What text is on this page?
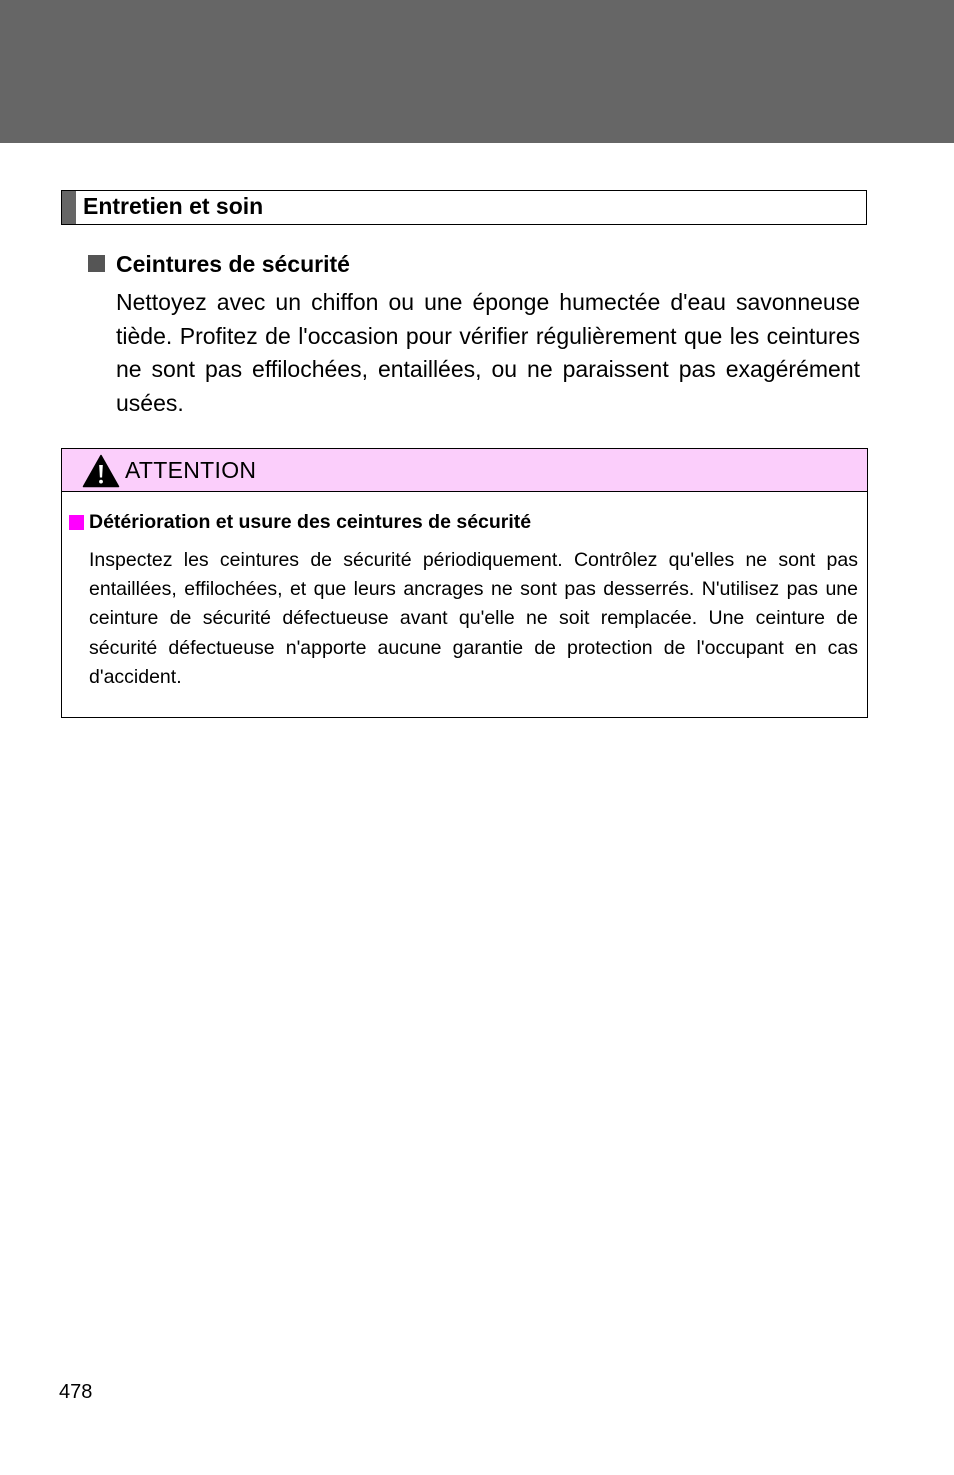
Entretien et soin
Ceintures de sécurité

Nettoyez avec un chiffon ou une éponge humectée d'eau savonneuse tiède. Profitez de l'occasion pour vérifier régulièrement que les ceintures ne sont pas effilochées, entaillées, ou ne paraissent pas exagérément usées.

ATTENTION
Détérioration et usure des ceintures de sécurité

Inspectez les ceintures de sécurité périodiquement. Contrôlez qu'elles ne sont pas entaillées, effilochées, et que leurs ancrages ne sont pas desserrés. N'utilisez pas une ceinture de sécurité défectueuse avant qu'elle ne soit remplacée. Une ceinture de sécurité défectueuse n'apporte aucune garantie de protection de l'occupant en cas d'accident.

478
